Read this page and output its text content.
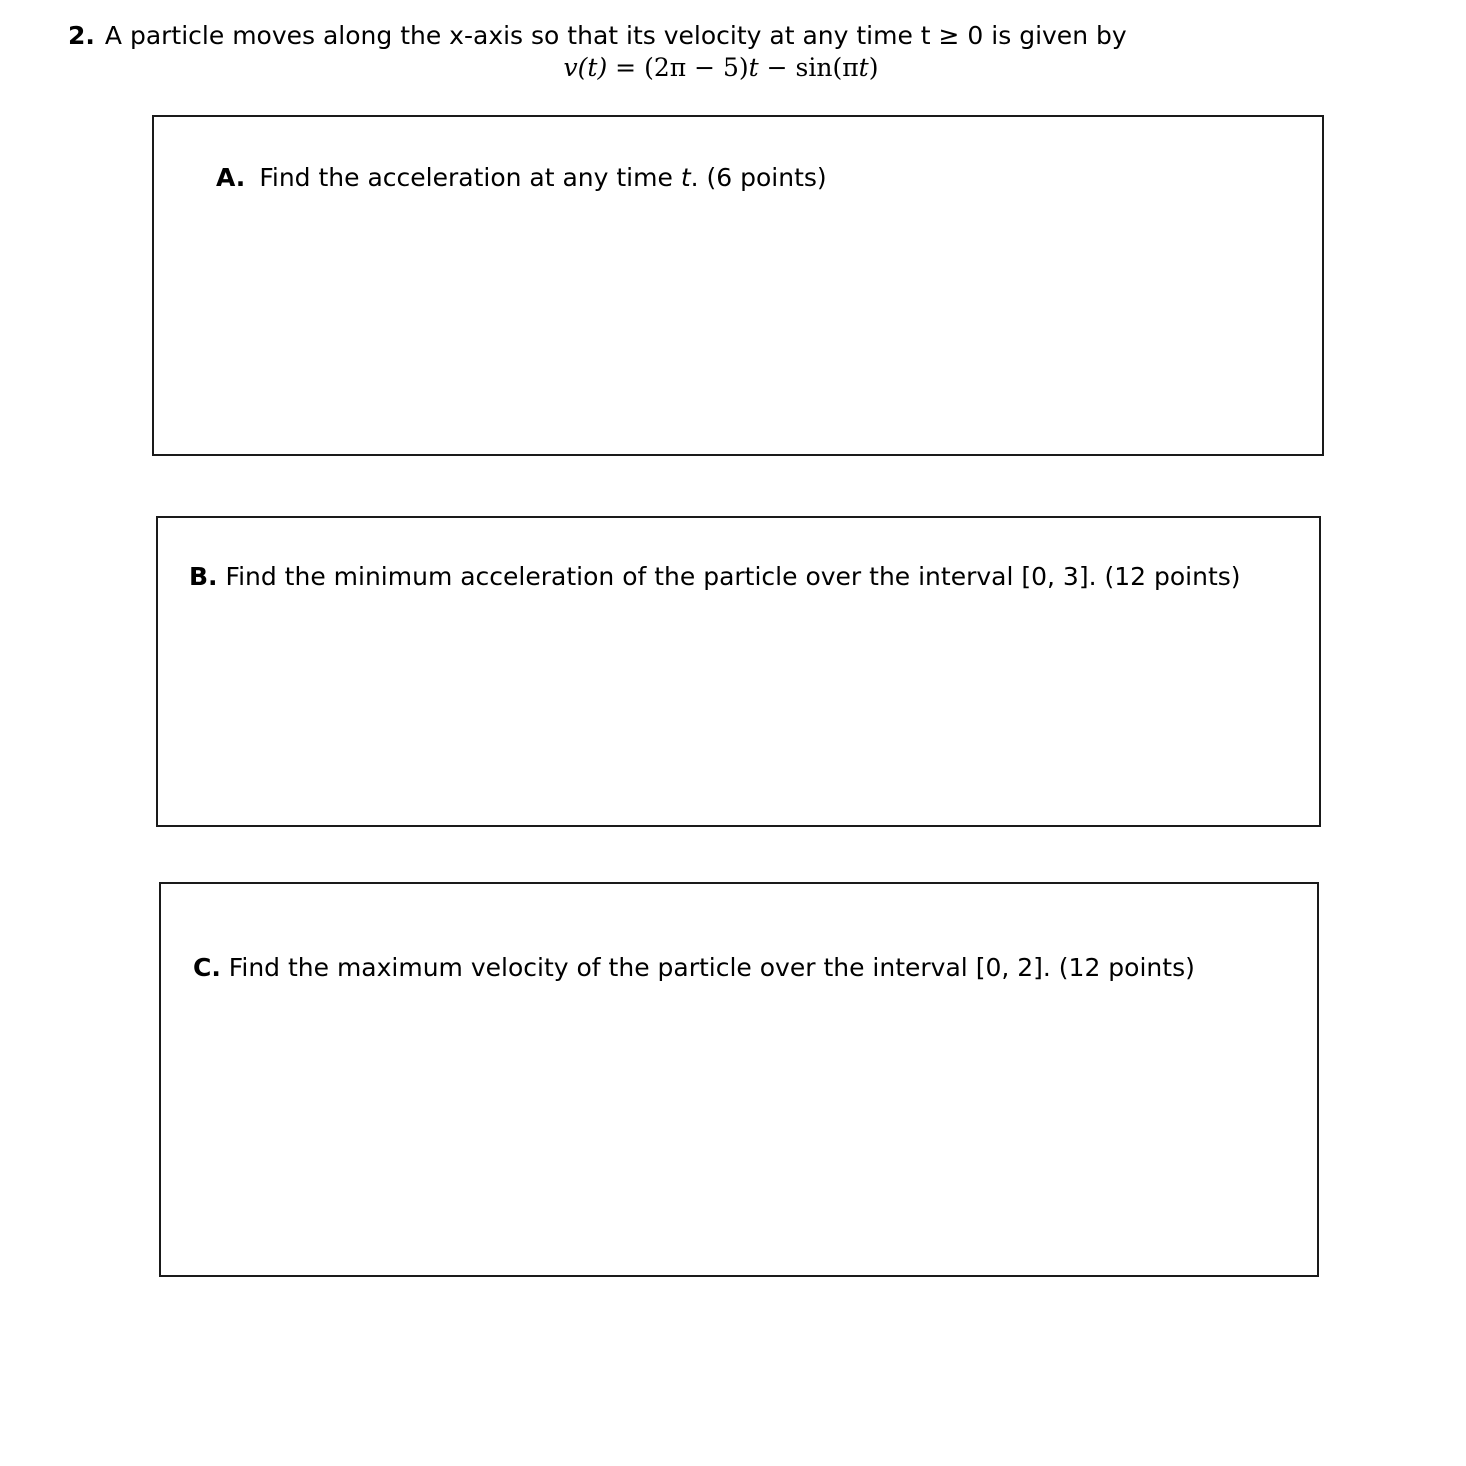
2. A particle moves along the x-axis so that its velocity at any time t ≥ 0 is given by
v(t) = (2π − 5)t − sin(πt)
A. Find the acceleration at any time t. (6 points)
B. Find the minimum acceleration of the particle over the interval [0, 3]. (12 points)
C. Find the maximum velocity of the particle over the interval [0, 2]. (12 points)
